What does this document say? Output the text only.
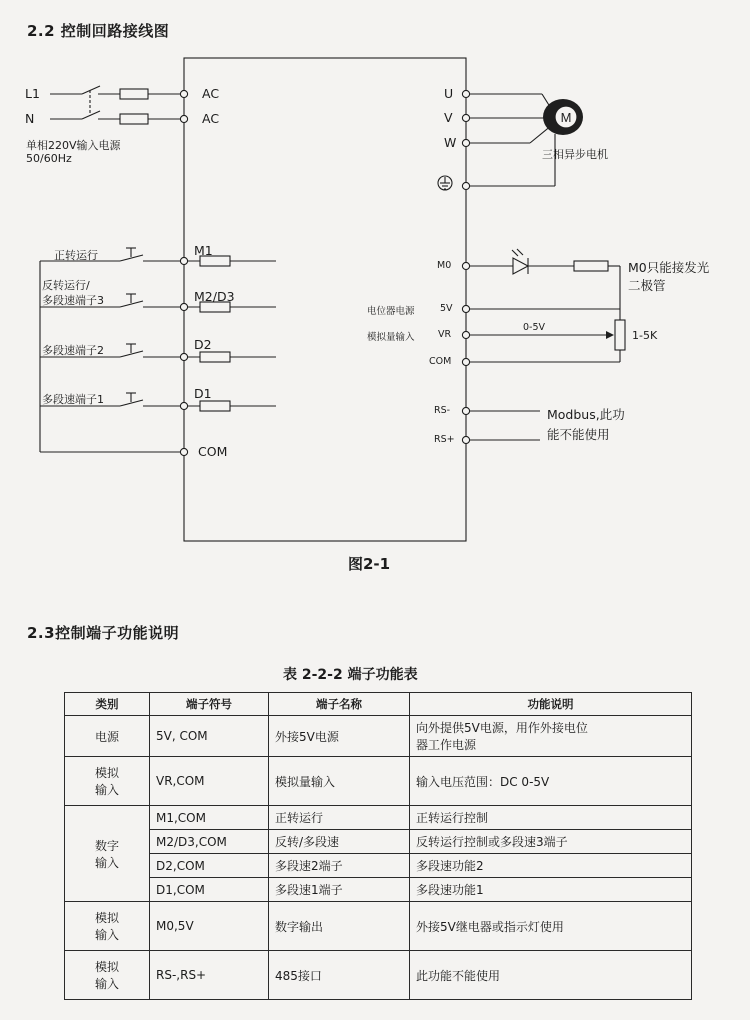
2.2 控制回路接线图
M
L1
N
AC
AC
单相220V输入电源
50/60Hz
U
V
W
三相异步电机
正转运行
反转运行/
多段速端子3
多段速端子2
多段速端子1
M1
M2/D3
D2
D1
COM
M0	M0只能接发光
二极管
电位器电源	5V
模拟量输入 VR
0-5V
1-5K
COM
RS-
RS+
Modbus,此功
能不能使用
图2-1
2.3控制端子功能说明
表 2-2-2 端子功能表
类别	端子符号	端子名称	功能说明
电源	5V, COM	外接5V电源	向外提供5V电源，用作外接电位
器工作电源
模拟
输入	VR,COM	模拟量输入	输入电压范围：DC 0-5V
数字
输入	M1,COM	正转运行	正转运行控制
	M2/D3,COM	反转/多段速	反转运行控制或多段速3端子
	D2,COM	多段速2端子	多段速功能2
	D1,COM	多段速1端子	多段速功能1
模拟
输入	M0,5V	数字输出	外接5V继电器或指示灯使用
模拟
输入	RS-,RS+	485接口	此功能不能使用
